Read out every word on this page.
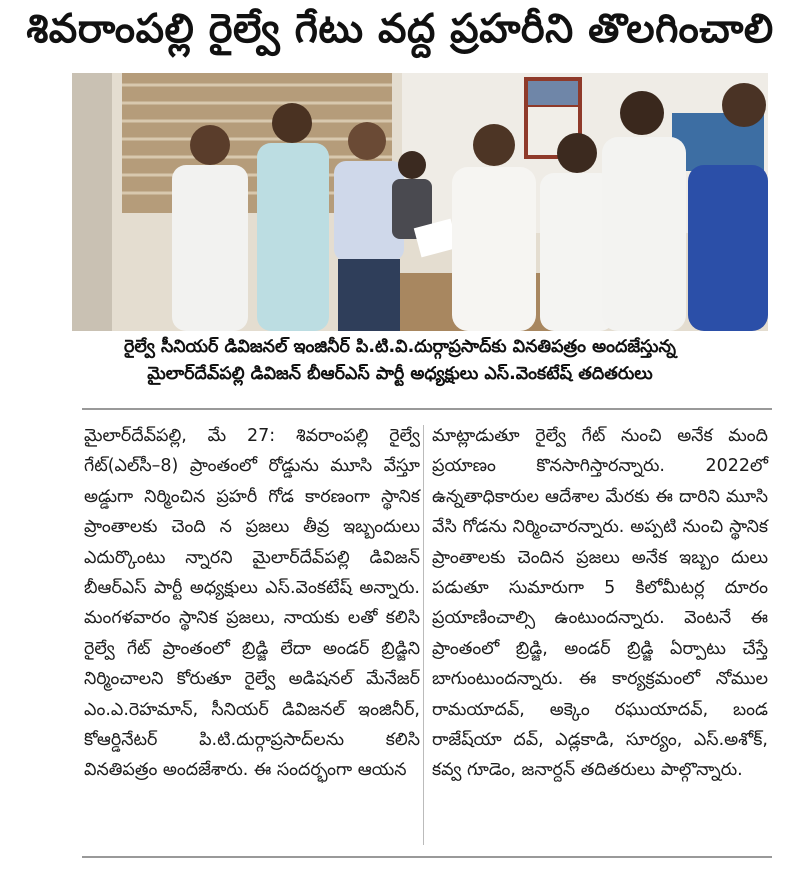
శివరాంపల్లి రైల్వే గేటు వద్ద ప్రహరీని తొలగించాలి
రైల్వే సీనియర్ డివిజనల్ ఇంజినీర్ పి.టి.వి.దుర్గాప్రసాద్‌కు వినతిపత్రం అందజేస్తున్న
మైలార్‌దేవ్‌పల్లి డివిజన్ బీఆర్ఎస్ పార్టీ అధ్యక్షులు ఎస్.వెంకటేష్ తదితరులు

మైలార్‌దేవ్‌పల్లి, మే 27: శివరాంపల్లి రైల్వే గేట్(ఎల్‌సీ–8) ప్రాంతంలో రోడ్డును మూసి వేస్తూ అడ్డుగా నిర్మించిన ప్రహరీ గోడ కారణంగా స్థానిక ప్రాంతాలకు చెంది న ప్రజలు తీవ్ర ఇబ్బందులు ఎదుర్కొంటు న్నారని మైలార్‌దేవ్‌పల్లి డివిజన్ బీఆర్ఎస్ పార్టీ అధ్యక్షులు ఎస్.వెంకటేష్ అన్నారు. మంగళవారం స్థానిక ప్రజలు, నాయకు లతో కలిసి రైల్వే గేట్ ప్రాంతంలో బ్రిడ్జి లేదా అండర్ బ్రిడ్జిని నిర్మించాలని కోరుతూ రైల్వే అడిషనల్ మేనేజర్ ఎం.ఎ.రెహమాన్, సీనియర్ డివిజనల్ ఇంజినీర్, కోఆర్డినేటర్ పి.టి.దుర్గాప్రసాద్‌లను కలిసి వినతిపత్రం అందజేశారు. ఈ సందర్భంగా ఆయన

మాట్లాడుతూ రైల్వే గేట్ నుంచి అనేక మంది ప్రయాణం కొనసాగిస్తారన్నారు. 2022లో ఉన్నతాధికారుల ఆదేశాల మేరకు ఈ దారిని మూసి వేసి గోడను నిర్మించారన్నారు. అప్పటి నుంచి స్థానిక ప్రాంతాలకు చెందిన ప్రజలు అనేక ఇబ్బం దులు పడుతూ సుమారుగా 5 కిలోమీటర్ల దూరం ప్రయాణించాల్సి ఉంటుందన్నారు. వెంటనే ఈ ప్రాంతంలో బ్రిడ్జి, అండర్ బ్రిడ్జి ఏర్పాటు చేస్తే బాగుంటుందన్నారు. ఈ కార్యక్రమంలో నోముల రామయాదవ్, అక్కెం రఘుయాదవ్, బండ రాజేష్‌యా దవ్, ఎడ్లకాడి, సూర్యం, ఎస్.అశోక్, కవ్వ గూడెం, జనార్దన్ తదితరులు పాల్గొన్నారు.
